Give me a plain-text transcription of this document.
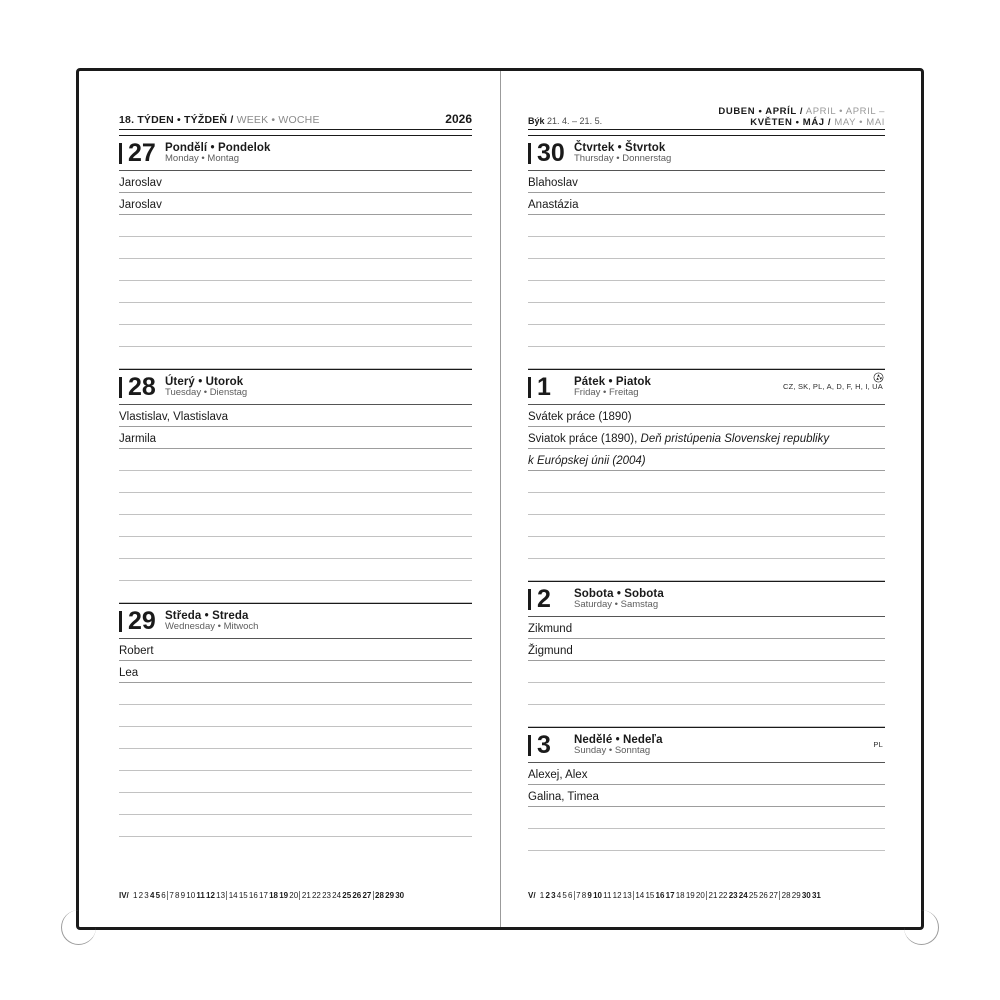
18. TÝDEN • TÝŽDEŇ / WEEK • WOCHE	2026
27 Pondělí • Pondelok
Monday • Montag
Jaroslav
Jaroslav
28 Úterý • Utorok
Tuesday • Dienstag
Vlastislav, Vlastislava
Jarmila
29 Středa • Streda
Wednesday • Mitwoch
Robert
Lea
IV/ 123456 78910111213 14151617181920 21222324252627 282930
Býk 21. 4. – 21. 5.
DUBEN • APRÍL / APRIL • APRIL –
KVĚTEN • MÁJ / MAY • MAI
30 Čtvrtek • Štvrtok
Thursday • Donnerstag
Blahoslav
Anastázia
1	Pátek • Piatok
Friday • Freitag
CZ, SK, PL, A, D, F, H, I, UA
Svátek práce (1890)
Sviatok práce (1890), Deň pristúpenia Slovenskej republiky
k Európskej únii (2004)
2	Sobota • Sobota
Saturday • Samstag
Zikmund
Žigmund
3	Nedělé • Nedeľa
Sunday • Sonntag
PL
Alexej, Alex
Galina, Timea
V/ 123456 78910111213 14151617181920 21222324252627 28293031
